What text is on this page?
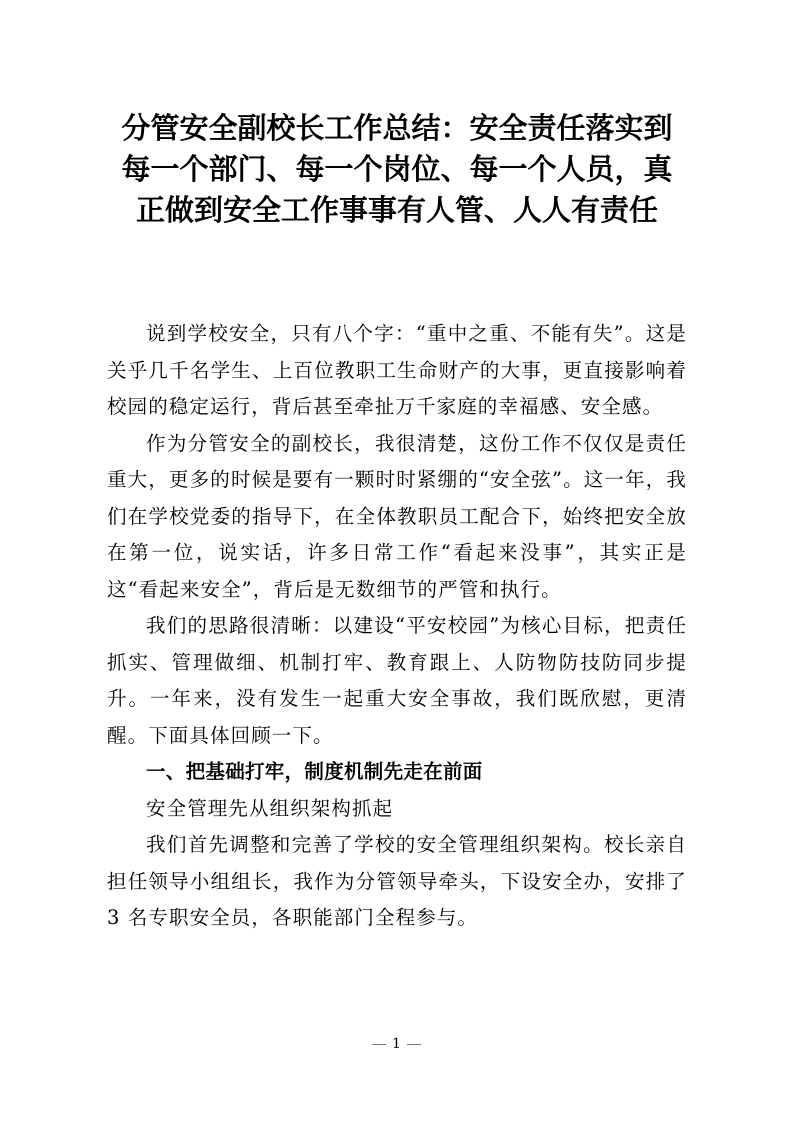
分管安全副校长工作总结：安全责任落实到每一个部门、每一个岗位、每一个人员，真正做到安全工作事事有人管、人人有责任

说到学校安全，只有八个字：“重中之重、不能有失”。这是关乎几千名学生、上百位教职工生命财产的大事，更直接影响着校园的稳定运行，背后甚至牵扯万千家庭的幸福感、安全感。

作为分管安全的副校长，我很清楚，这份工作不仅仅是责任重大，更多的时候是要有一颗时时紧绷的“安全弦”。这一年，我们在学校党委的指导下，在全体教职员工配合下，始终把安全放在第一位，说实话，许多日常工作“看起来没事”，其实正是这“看起来安全”，背后是无数细节的严管和执行。

我们的思路很清晰：以建设“平安校园”为核心目标，把责任抓实、管理做细、机制打牢、教育跟上、人防物防技防同步提升。一年来，没有发生一起重大安全事故，我们既欣慰，更清醒。下面具体回顾一下。

一、把基础打牢，制度机制先走在前面

安全管理先从组织架构抓起

我们首先调整和完善了学校的安全管理组织架构。校长亲自担任领导小组组长，我作为分管领导牵头，下设安全办，安排了 3 名专职安全员，各职能部门全程参与。

1
